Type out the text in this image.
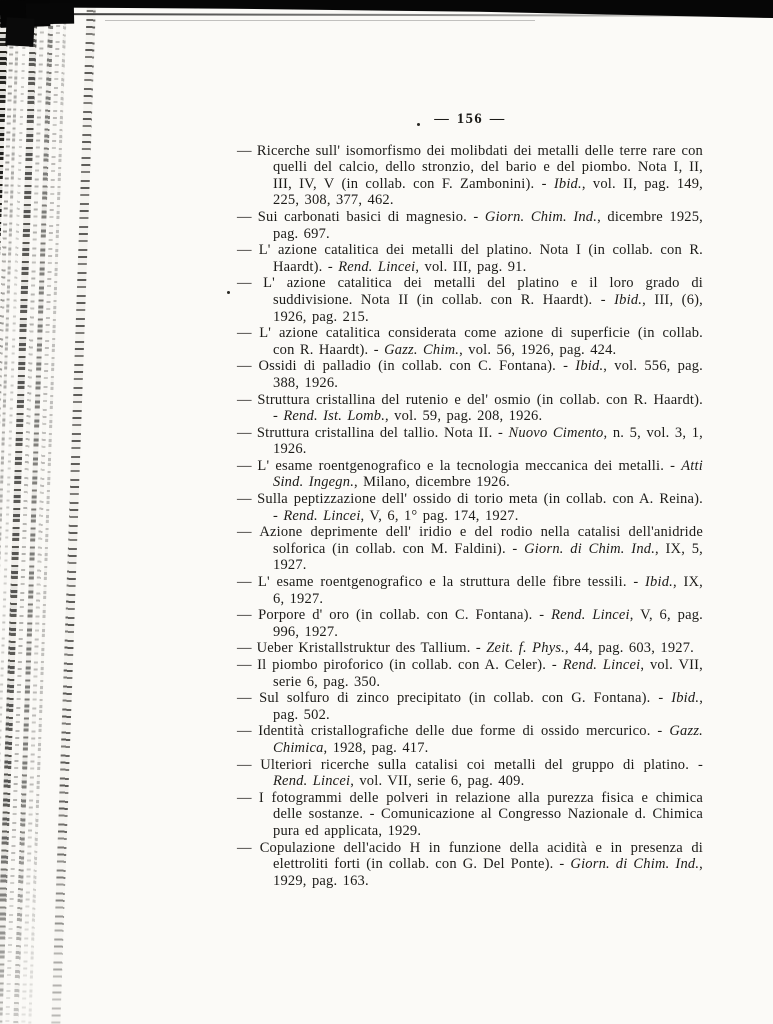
— 156 —
— Ricerche sull' isomorfismo dei molibdati dei metalli delle terre rare con quelli del calcio, dello stronzio, del bario e del piombo. Nota I, II, III, IV, V (in collab. con F. Zambonini). - Ibid., vol. II, pag. 149, 225, 308, 377, 462.
— Sui carbonati basici di magnesio. - Giorn. Chim. Ind., dicembre 1925, pag. 697.
— L' azione catalitica dei metalli del platino. Nota I (in collab. con R. Haardt). - Rend. Lincei, vol. III, pag. 91.
— L' azione catalitica dei metalli del platino e il loro grado di suddivisione. Nota II (in collab. con R. Haardt). - Ibid., III, (6), 1926, pag. 215.
— L' azione catalitica considerata come azione di superficie (in collab. con R. Haardt). - Gazz. Chim., vol. 56, 1926, pag. 424.
— Ossidi di palladio (in collab. con C. Fontana). - Ibid., vol. 556, pag. 388, 1926.
— Struttura cristallina del rutenio e del' osmio (in collab. con R. Haardt). - Rend. Ist. Lomb., vol. 59, pag. 208, 1926.
— Struttura cristallina del tallio. Nota II. - Nuovo Cimento, n. 5, vol. 3, 1, 1926.
— L' esame roentgenografico e la tecnologia meccanica dei metalli. - Atti Sind. Ingegn., Milano, dicembre 1926.
— Sulla peptizzazione dell' ossido di torio meta (in collab. con A. Reina). - Rend. Lincei, V, 6, 1° pag. 174, 1927.
— Azione deprimente dell' iridio e del rodio nella catalisi dell'anidride solforica (in collab. con M. Faldini). - Giorn. di Chim. Ind., IX, 5, 1927.
— L' esame roentgenografico e la struttura delle fibre tessili. - Ibid., IX, 6, 1927.
— Porpore d' oro (in collab. con C. Fontana). - Rend. Lincei, V, 6, pag. 996, 1927.
— Ueber Kristallstruktur des Tallium. - Zeit. f. Phys., 44, pag. 603, 1927.
— Il piombo piroforico (in collab. con A. Celer). - Rend. Lincei, vol. VII, serie 6, pag. 350.
— Sul solfuro di zinco precipitato (in collab. con G. Fontana). - Ibid., pag. 502.
— Identità cristallografiche delle due forme di ossido mercurico. - Gazz. Chimica, 1928, pag. 417.
— Ulteriori ricerche sulla catalisi coi metalli del gruppo di platino. - Rend. Lincei, vol. VII, serie 6, pag. 409.
— I fotogrammi delle polveri in relazione alla purezza fisica e chimica delle sostanze. - Comunicazione al Congresso Nazionale d. Chimica pura ed applicata, 1929.
— Copulazione dell'acido H in funzione della acidità e in presenza di elettroliti forti (in collab. con G. Del Ponte). - Giorn. di Chim. Ind., 1929, pag. 163.
